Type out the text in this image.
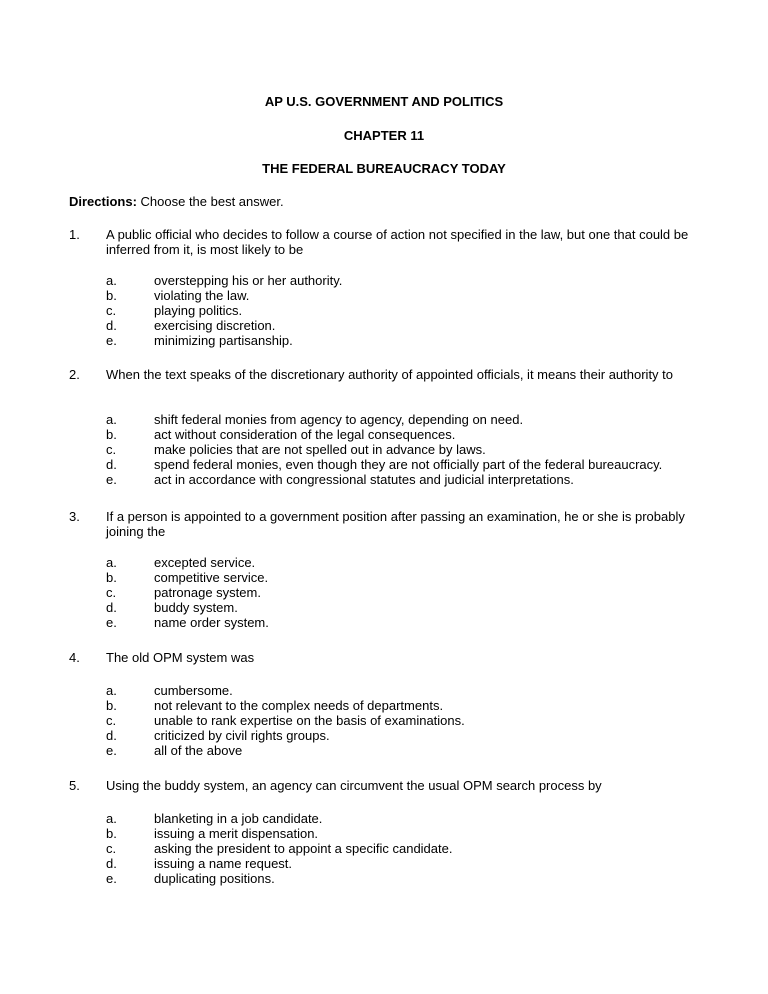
AP U.S. GOVERNMENT AND POLITICS
CHAPTER 11
THE FEDERAL BUREAUCRACY TODAY
Directions: Choose the best answer.
1. A public official who decides to follow a course of action not specified in the law, but one that could be inferred from it, is most likely to be
a.	overstepping his or her authority.
b.	violating the law.
c.	playing politics.
d.	exercising discretion.
e.	minimizing partisanship.
2. When the text speaks of the discretionary authority of appointed officials, it means their authority to
a.	shift federal monies from agency to agency, depending on need.
b.	act without consideration of the legal consequences.
c.	make policies that are not spelled out in advance by laws.
d.	spend federal monies, even though they are not officially part of the federal bureaucracy.
e.	act in accordance with congressional statutes and judicial interpretations.
3. If a person is appointed to a government position after passing an examination, he or she is probably joining the
a.	excepted service.
b.	competitive service.
c.	patronage system.
d.	buddy system.
e.	name order system.
4. The old OPM system was
a.	cumbersome.
b.	not relevant to the complex needs of departments.
c.	unable to rank expertise on the basis of examinations.
d.	criticized by civil rights groups.
e.	all of the above
5. Using the buddy system, an agency can circumvent the usual OPM search process by
a.	blanketing in a job candidate.
b.	issuing a merit dispensation.
c.	asking the president to appoint a specific candidate.
d.	issuing a name request.
e.	duplicating positions.
